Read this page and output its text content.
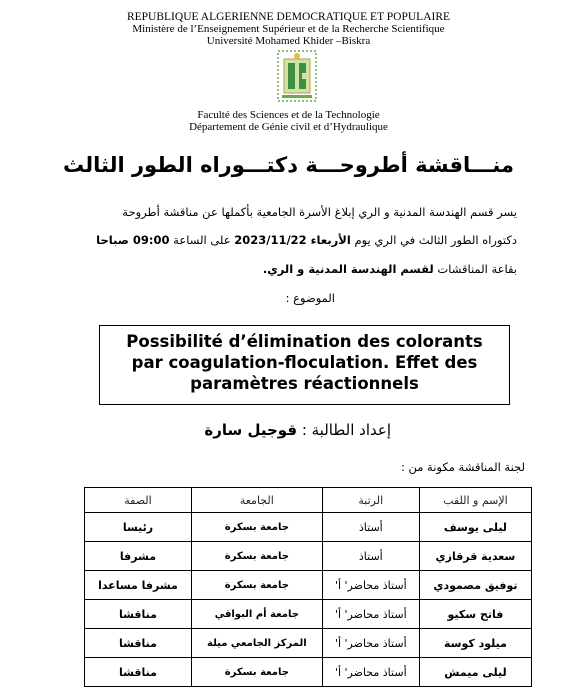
REPUBLIQUE ALGERIENNE DEMOCRATIQUE ET POPULAIRE
Ministère de l’Enseignement Supérieur et de la Recherche Scientifique
Université Mohamed Khider –Biskra
Faculté des Sciences et de la Technologie
Département de Génie civil et d’Hydraulique
منـــاقشة أطروحـــة دكتـــوراه الطور الثالث
يسر قسم الهندسة المدنية و الري إبلاغ الأسرة الجامعية بأكملها عن مناقشة أطروحة
دكتوراه الطور الثالث في الري يوم الأربعاء 2023/11/22 على الساعة 09:00 صباحا
بقاعة المناقشات لقسم الهندسة المدنية و الري.
الموضوع :
Possibilité d’élimination des colorants par coagulation-floculation. Effet des paramètres réactionnels
إعداد الطالبة : قوجيل سارة
لجنة المناقشة مكونة من :
الإسم و اللقب	الرتبة	الجامعة	الصفة
ليلى يوسف	أستاذ	جامعة بسكرة	رئيسا
سعدية قرقازي	أستاذ	جامعة بسكرة	مشرفا
توفيق مصمودي	أستاذ محاضر' أ'	جامعة بسكرة	مشرفا مساعدا
فاتح سكيو	أستاذ محاضر' أ'	جامعة أم البواقي	مناقشا
ميلود كوسة	أستاذ محاضر' أ'	المركز الجامعي ميلة	مناقشا
ليلى ميمش	أستاذ محاضر' أ'	جامعة بسكرة	مناقشا
